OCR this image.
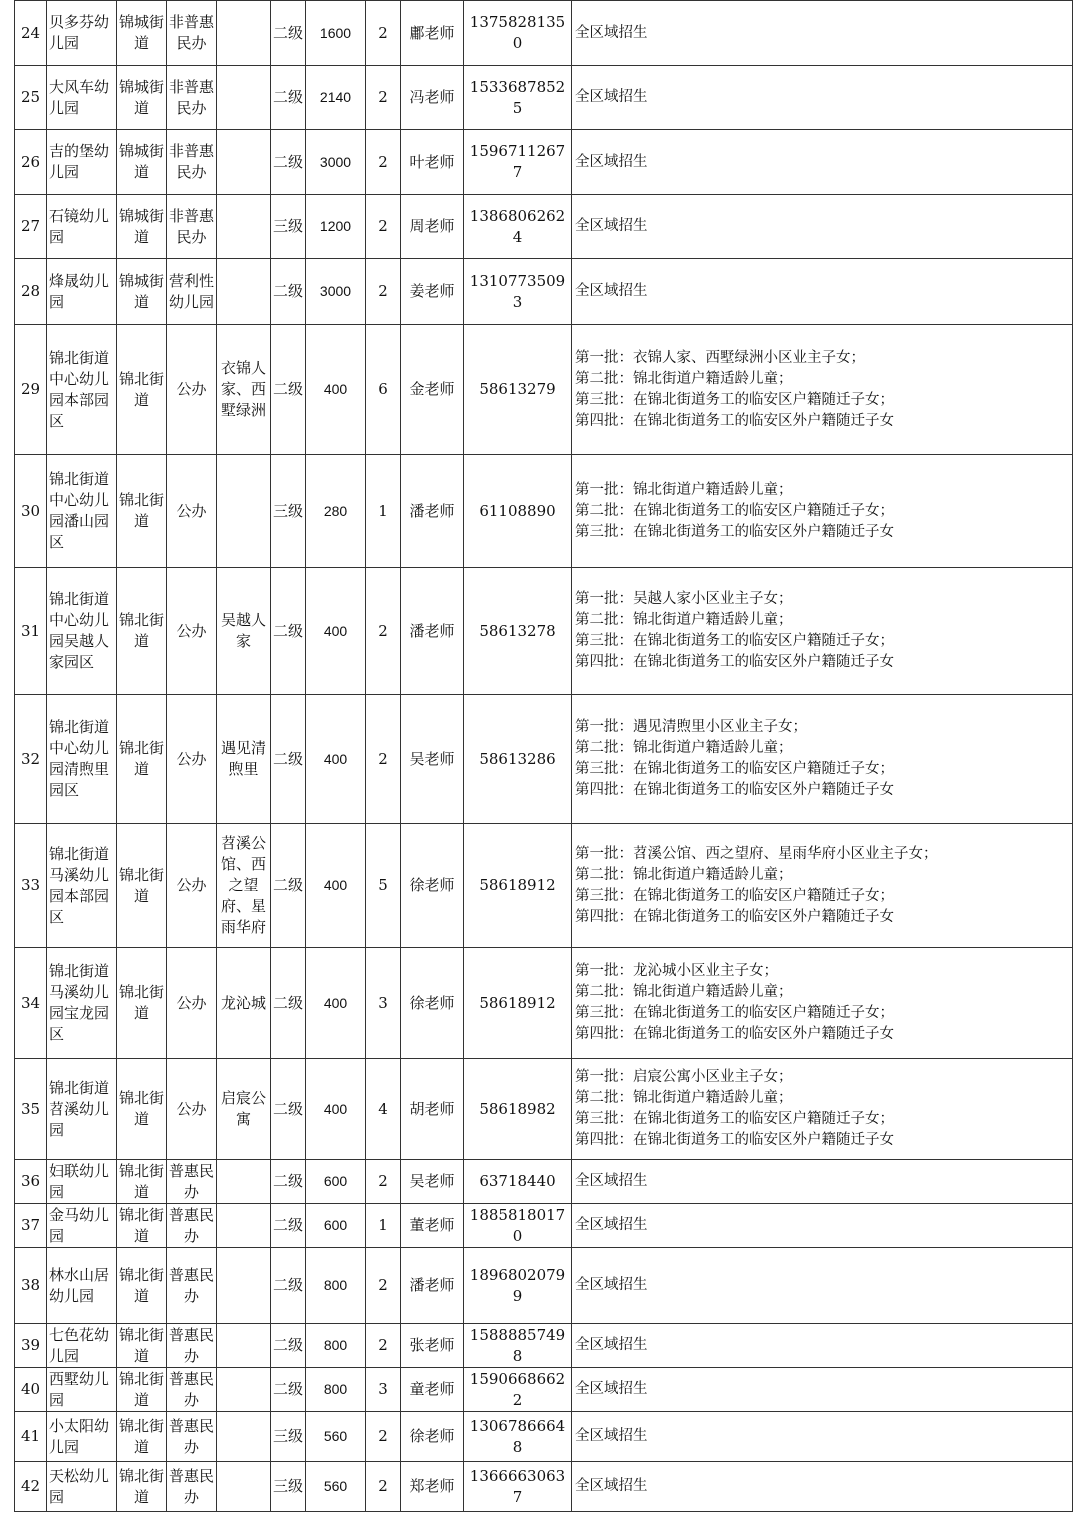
24	贝多芬幼儿园	锦城街道	非普惠民办		二级	1600	2	鄘老师	13758281350	全区域招生

25	大风车幼儿园	锦城街道	非普惠民办		二级	2140	2	冯老师	15336878525	全区域招生

26	吉的堡幼儿园	锦城街道	非普惠民办		二级	3000	2	叶老师	15967112677	全区域招生

27	石镜幼儿园	锦城街道	非普惠民办		三级	1200	2	周老师	13868062624	全区域招生

28	烽晟幼儿园	锦城街道	营利性幼儿园		二级	3000	2	姜老师	13107735093	全区域招生

29	锦北街道中心幼儿园本部园区	锦北街道	公办	衣锦人家、西墅绿洲	二级	400	6	金老师	58613279	第一批：衣锦人家、西墅绿洲小区业主子女；
第二批：锦北街道户籍适龄儿童；
第三批：在锦北街道务工的临安区户籍随迁子女；
第四批：在锦北街道务工的临安区外户籍随迁子女

30	锦北街道中心幼儿园潘山园区	锦北街道	公办		三级	280	1	潘老师	61108890	第一批：锦北街道户籍适龄儿童；
第二批：在锦北街道务工的临安区户籍随迁子女；
第三批：在锦北街道务工的临安区外户籍随迁子女

31	锦北街道中心幼儿园吴越人家园区	锦北街道	公办	吴越人家	二级	400	2	潘老师	58613278	第一批：吴越人家小区业主子女；
第二批：锦北街道户籍适龄儿童；
第三批：在锦北街道务工的临安区户籍随迁子女；
第四批：在锦北街道务工的临安区外户籍随迁子女

32	锦北街道中心幼儿园清煦里园区	锦北街道	公办	遇见清煦里	二级	400	2	吴老师	58613286	第一批：遇见清煦里小区业主子女；
第二批：锦北街道户籍适龄儿童；
第三批：在锦北街道务工的临安区户籍随迁子女；
第四批：在锦北街道务工的临安区外户籍随迁子女

33	锦北街道马溪幼儿园本部园区	锦北街道	公办	苕溪公馆、西之望府、星雨华府	二级	400	5	徐老师	58618912	第一批：苕溪公馆、西之望府、星雨华府小区业主子女；
第二批：锦北街道户籍适龄儿童；
第三批：在锦北街道务工的临安区户籍随迁子女；
第四批：在锦北街道务工的临安区外户籍随迁子女

34	锦北街道马溪幼儿园宝龙园区	锦北街道	公办	龙沁城	二级	400	3	徐老师	58618912	第一批：龙沁城小区业主子女；
第二批：锦北街道户籍适龄儿童；
第三批：在锦北街道务工的临安区户籍随迁子女；
第四批：在锦北街道务工的临安区外户籍随迁子女

35	锦北街道苕溪幼儿园	锦北街道	公办	启宸公寓	二级	400	4	胡老师	58618982	第一批：启宸公寓小区业主子女；
第二批：锦北街道户籍适龄儿童；
第三批：在锦北街道务工的临安区户籍随迁子女；
第四批：在锦北街道务工的临安区外户籍随迁子女

36	妇联幼儿园	锦北街道	普惠民办		二级	600	2	吴老师	63718440	全区域招生

37	金马幼儿园	锦北街道	普惠民办		二级	600	1	董老师	18858180170	全区域招生

38	林水山居幼儿园	锦北街道	普惠民办		二级	800	2	潘老师	18968020799	全区域招生

39	七色花幼儿园	锦北街道	普惠民办		二级	800	2	张老师	15888857498	全区域招生

40	西墅幼儿园	锦北街道	普惠民办		二级	800	3	童老师	15906686622	全区域招生

41	小太阳幼儿园	锦北街道	普惠民办		三级	560	2	徐老师	13067866648	全区域招生

42	天松幼儿园	锦北街道	普惠民办		三级	560	2	郑老师	13666630637	全区域招生
